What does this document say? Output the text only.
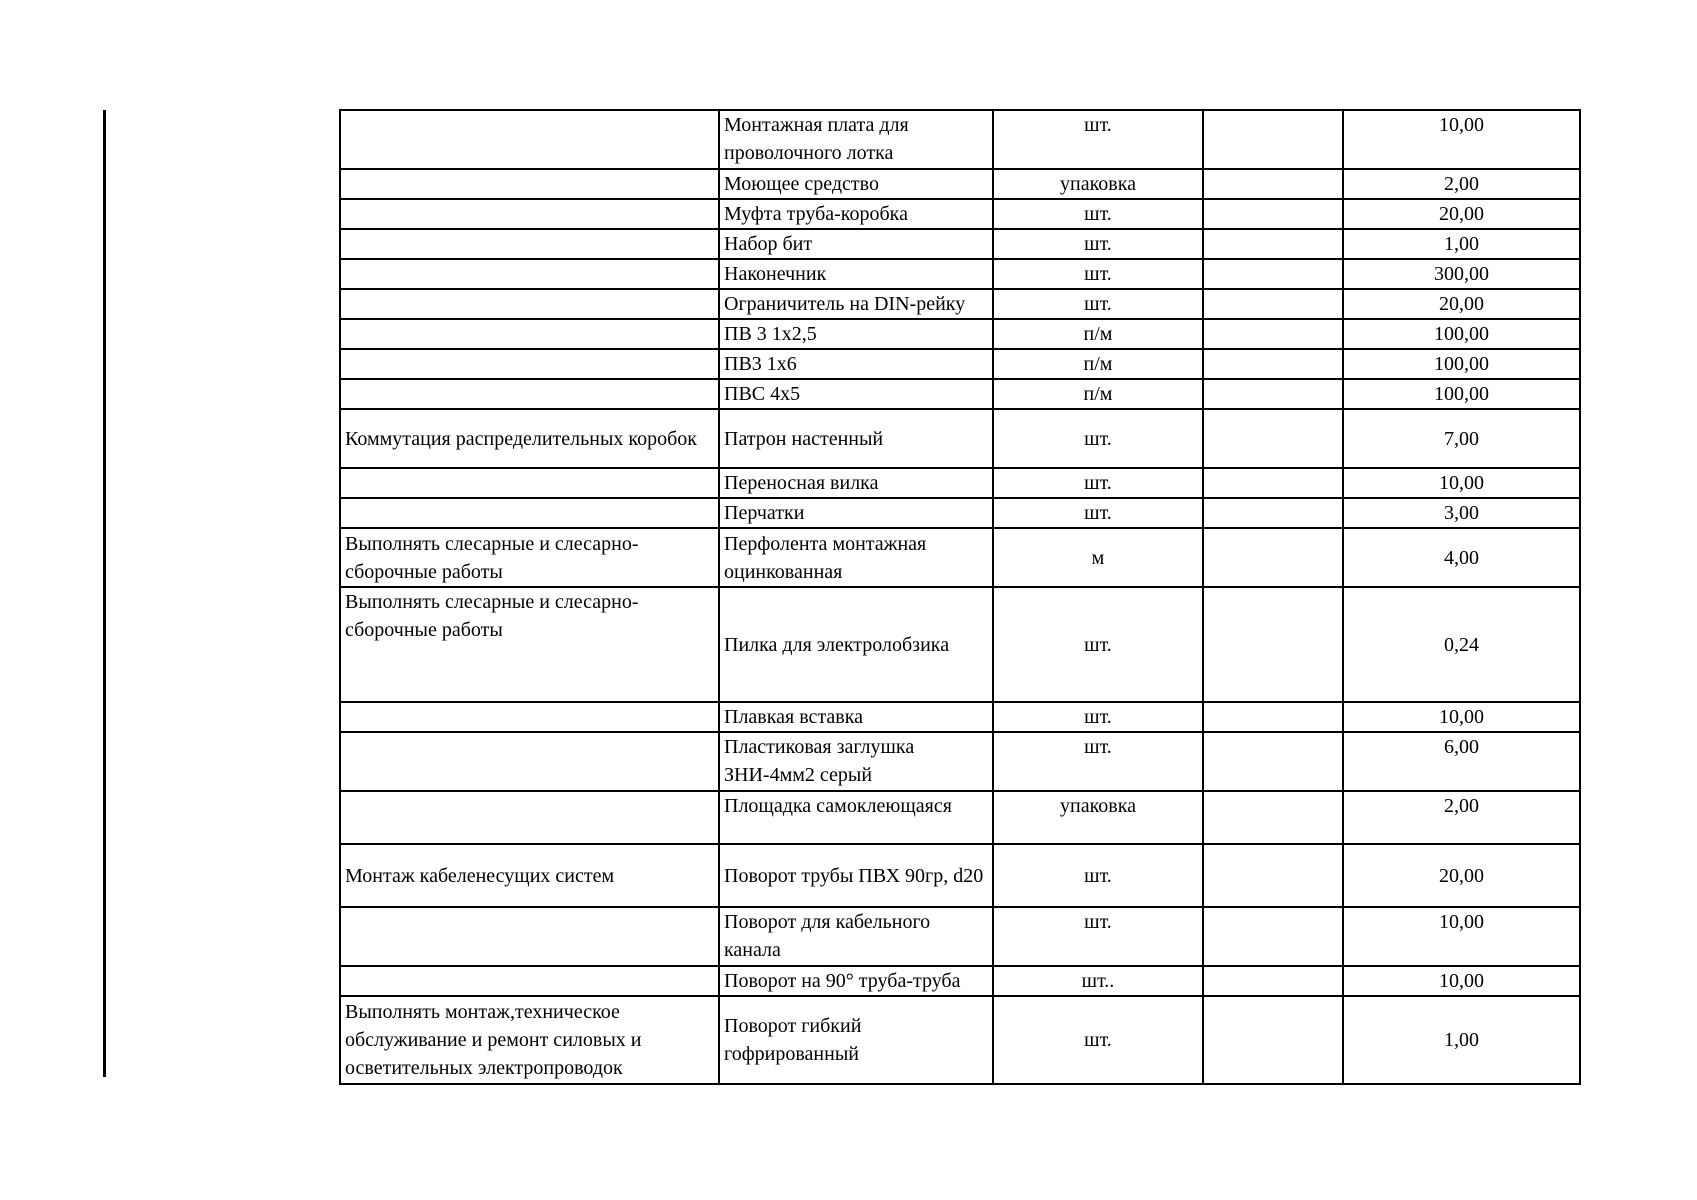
	Монтажная плата для проволочного лотка	шт.		10,00
	Моющее средство	упаковка		2,00
	Муфта труба-коробка	шт.		20,00
	Набор бит	шт.		1,00
	Наконечник	шт.		300,00
	Ограничитель на DIN-рейку	шт.		20,00
	ПВ 3 1х2,5	п/м		100,00
	ПВ3 1х6	п/м		100,00
	ПВС 4х5	п/м		100,00
Коммутация распределительных коробок	Патрон настенный	шт.		7,00
	Переносная вилка	шт.		10,00
	Перчатки	шт.		3,00
Выполнять слесарные и слесарно-сборочные работы	Перфолента монтажная оцинкованная	м		4,00
Выполнять слесарные и слесарно-сборочные работы	Пилка для электролобзика	шт.		0,24
	Плавкая вставка	шт.		10,00
	Пластиковая заглушка ЗНИ-4мм2 серый	шт.		6,00
	Площадка самоклеющаяся	упаковка		2,00
Монтаж кабеленесущих систем	Поворот трубы ПВХ 90гр, d20	шт.		20,00
	Поворот для кабельного канала	шт.		10,00
	Поворот на 90° труба-труба	шт..		10,00
Выполнять монтаж,техническое обслуживание и ремонт силовых и осветительных электропроводок	Поворот гибкий гофрированный	шт.		1,00
